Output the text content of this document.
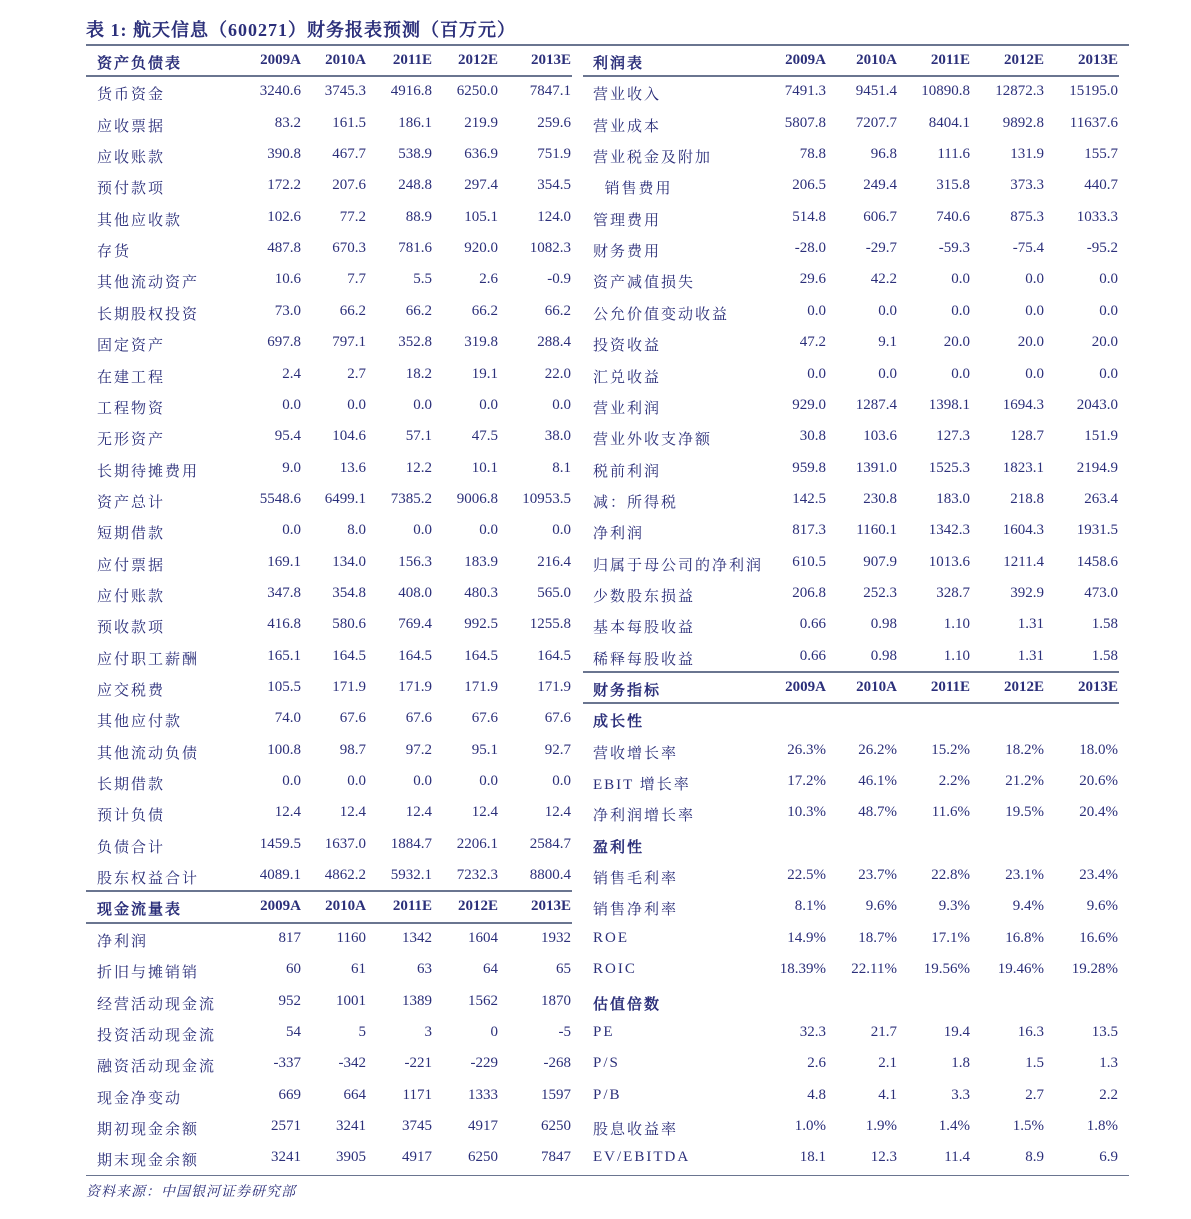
表 1: 航天信息（600271）财务报表预测（百万元）
资产负债表	2009A	2010A	2011E	2012E	2013E
货币资金	3240.6	3745.3	4916.8	6250.0	7847.1
应收票据	83.2	161.5	186.1	219.9	259.6
应收账款	390.8	467.7	538.9	636.9	751.9
预付款项	172.2	207.6	248.8	297.4	354.5
其他应收款	102.6	77.2	88.9	105.1	124.0
存货	487.8	670.3	781.6	920.0	1082.3
其他流动资产	10.6	7.7	5.5	2.6	-0.9
长期股权投资	73.0	66.2	66.2	66.2	66.2
固定资产	697.8	797.1	352.8	319.8	288.4
在建工程	2.4	2.7	18.2	19.1	22.0
工程物资	0.0	0.0	0.0	0.0	0.0
无形资产	95.4	104.6	57.1	47.5	38.0
长期待摊费用	9.0	13.6	12.2	10.1	8.1
资产总计	5548.6	6499.1	7385.2	9006.8	10953.5
短期借款	0.0	8.0	0.0	0.0	0.0
应付票据	169.1	134.0	156.3	183.9	216.4
应付账款	347.8	354.8	408.0	480.3	565.0
预收款项	416.8	580.6	769.4	992.5	1255.8
应付职工薪酬	165.1	164.5	164.5	164.5	164.5
应交税费	105.5	171.9	171.9	171.9	171.9
其他应付款	74.0	67.6	67.6	67.6	67.6
其他流动负债	100.8	98.7	97.2	95.1	92.7
长期借款	0.0	0.0	0.0	0.0	0.0
预计负债	12.4	12.4	12.4	12.4	12.4
负债合计	1459.5	1637.0	1884.7	2206.1	2584.7
股东权益合计	4089.1	4862.2	5932.1	7232.3	8800.4
现金流量表	2009A	2010A	2011E	2012E	2013E
净利润	817	1160	1342	1604	1932
折旧与摊销销	60	61	63	64	65
经营活动现金流	952	1001	1389	1562	1870
投资活动现金流	54	5	3	0	-5
融资活动现金流	-337	-342	-221	-229	-268
现金净变动	669	664	1171	1333	1597
期初现金余额	2571	3241	3745	4917	6250
期末现金余额	3241	3905	4917	6250	7847
利润表	2009A	2010A	2011E	2012E	2013E
营业收入	7491.3	9451.4	10890.8	12872.3	15195.0
营业成本	5807.8	7207.7	8404.1	9892.8	11637.6
营业税金及附加	78.8	96.8	111.6	131.9	155.7
销售费用	206.5	249.4	315.8	373.3	440.7
管理费用	514.8	606.7	740.6	875.3	1033.3
财务费用	-28.0	-29.7	-59.3	-75.4	-95.2
资产减值损失	29.6	42.2	0.0	0.0	0.0
公允价值变动收益	0.0	0.0	0.0	0.0	0.0
投资收益	47.2	9.1	20.0	20.0	20.0
汇兑收益	0.0	0.0	0.0	0.0	0.0
营业利润	929.0	1287.4	1398.1	1694.3	2043.0
营业外收支净额	30.8	103.6	127.3	128.7	151.9
税前利润	959.8	1391.0	1525.3	1823.1	2194.9
减：所得税	142.5	230.8	183.0	218.8	263.4
净利润	817.3	1160.1	1342.3	1604.3	1931.5
归属于母公司的净利润	610.5	907.9	1013.6	1211.4	1458.6
少数股东损益	206.8	252.3	328.7	392.9	473.0
基本每股收益	0.66	0.98	1.10	1.31	1.58
稀释每股收益	0.66	0.98	1.10	1.31	1.58
财务指标	2009A	2010A	2011E	2012E	2013E
成长性
营收增长率	26.3%	26.2%	15.2%	18.2%	18.0%
EBIT 增长率	17.2%	46.1%	2.2%	21.2%	20.6%
净利润增长率	10.3%	48.7%	11.6%	19.5%	20.4%
盈利性
销售毛利率	22.5%	23.7%	22.8%	23.1%	23.4%
销售净利率	8.1%	9.6%	9.3%	9.4%	9.6%
ROE	14.9%	18.7%	17.1%	16.8%	16.6%
ROIC	18.39%	22.11%	19.56%	19.46%	19.28%
估值倍数
PE	32.3	21.7	19.4	16.3	13.5
P/S	2.6	2.1	1.8	1.5	1.3
P/B	4.8	4.1	3.3	2.7	2.2
股息收益率	1.0%	1.9%	1.4%	1.5%	1.8%
EV/EBITDA	18.1	12.3	11.4	8.9	6.9
资料来源：中国银河证券研究部
